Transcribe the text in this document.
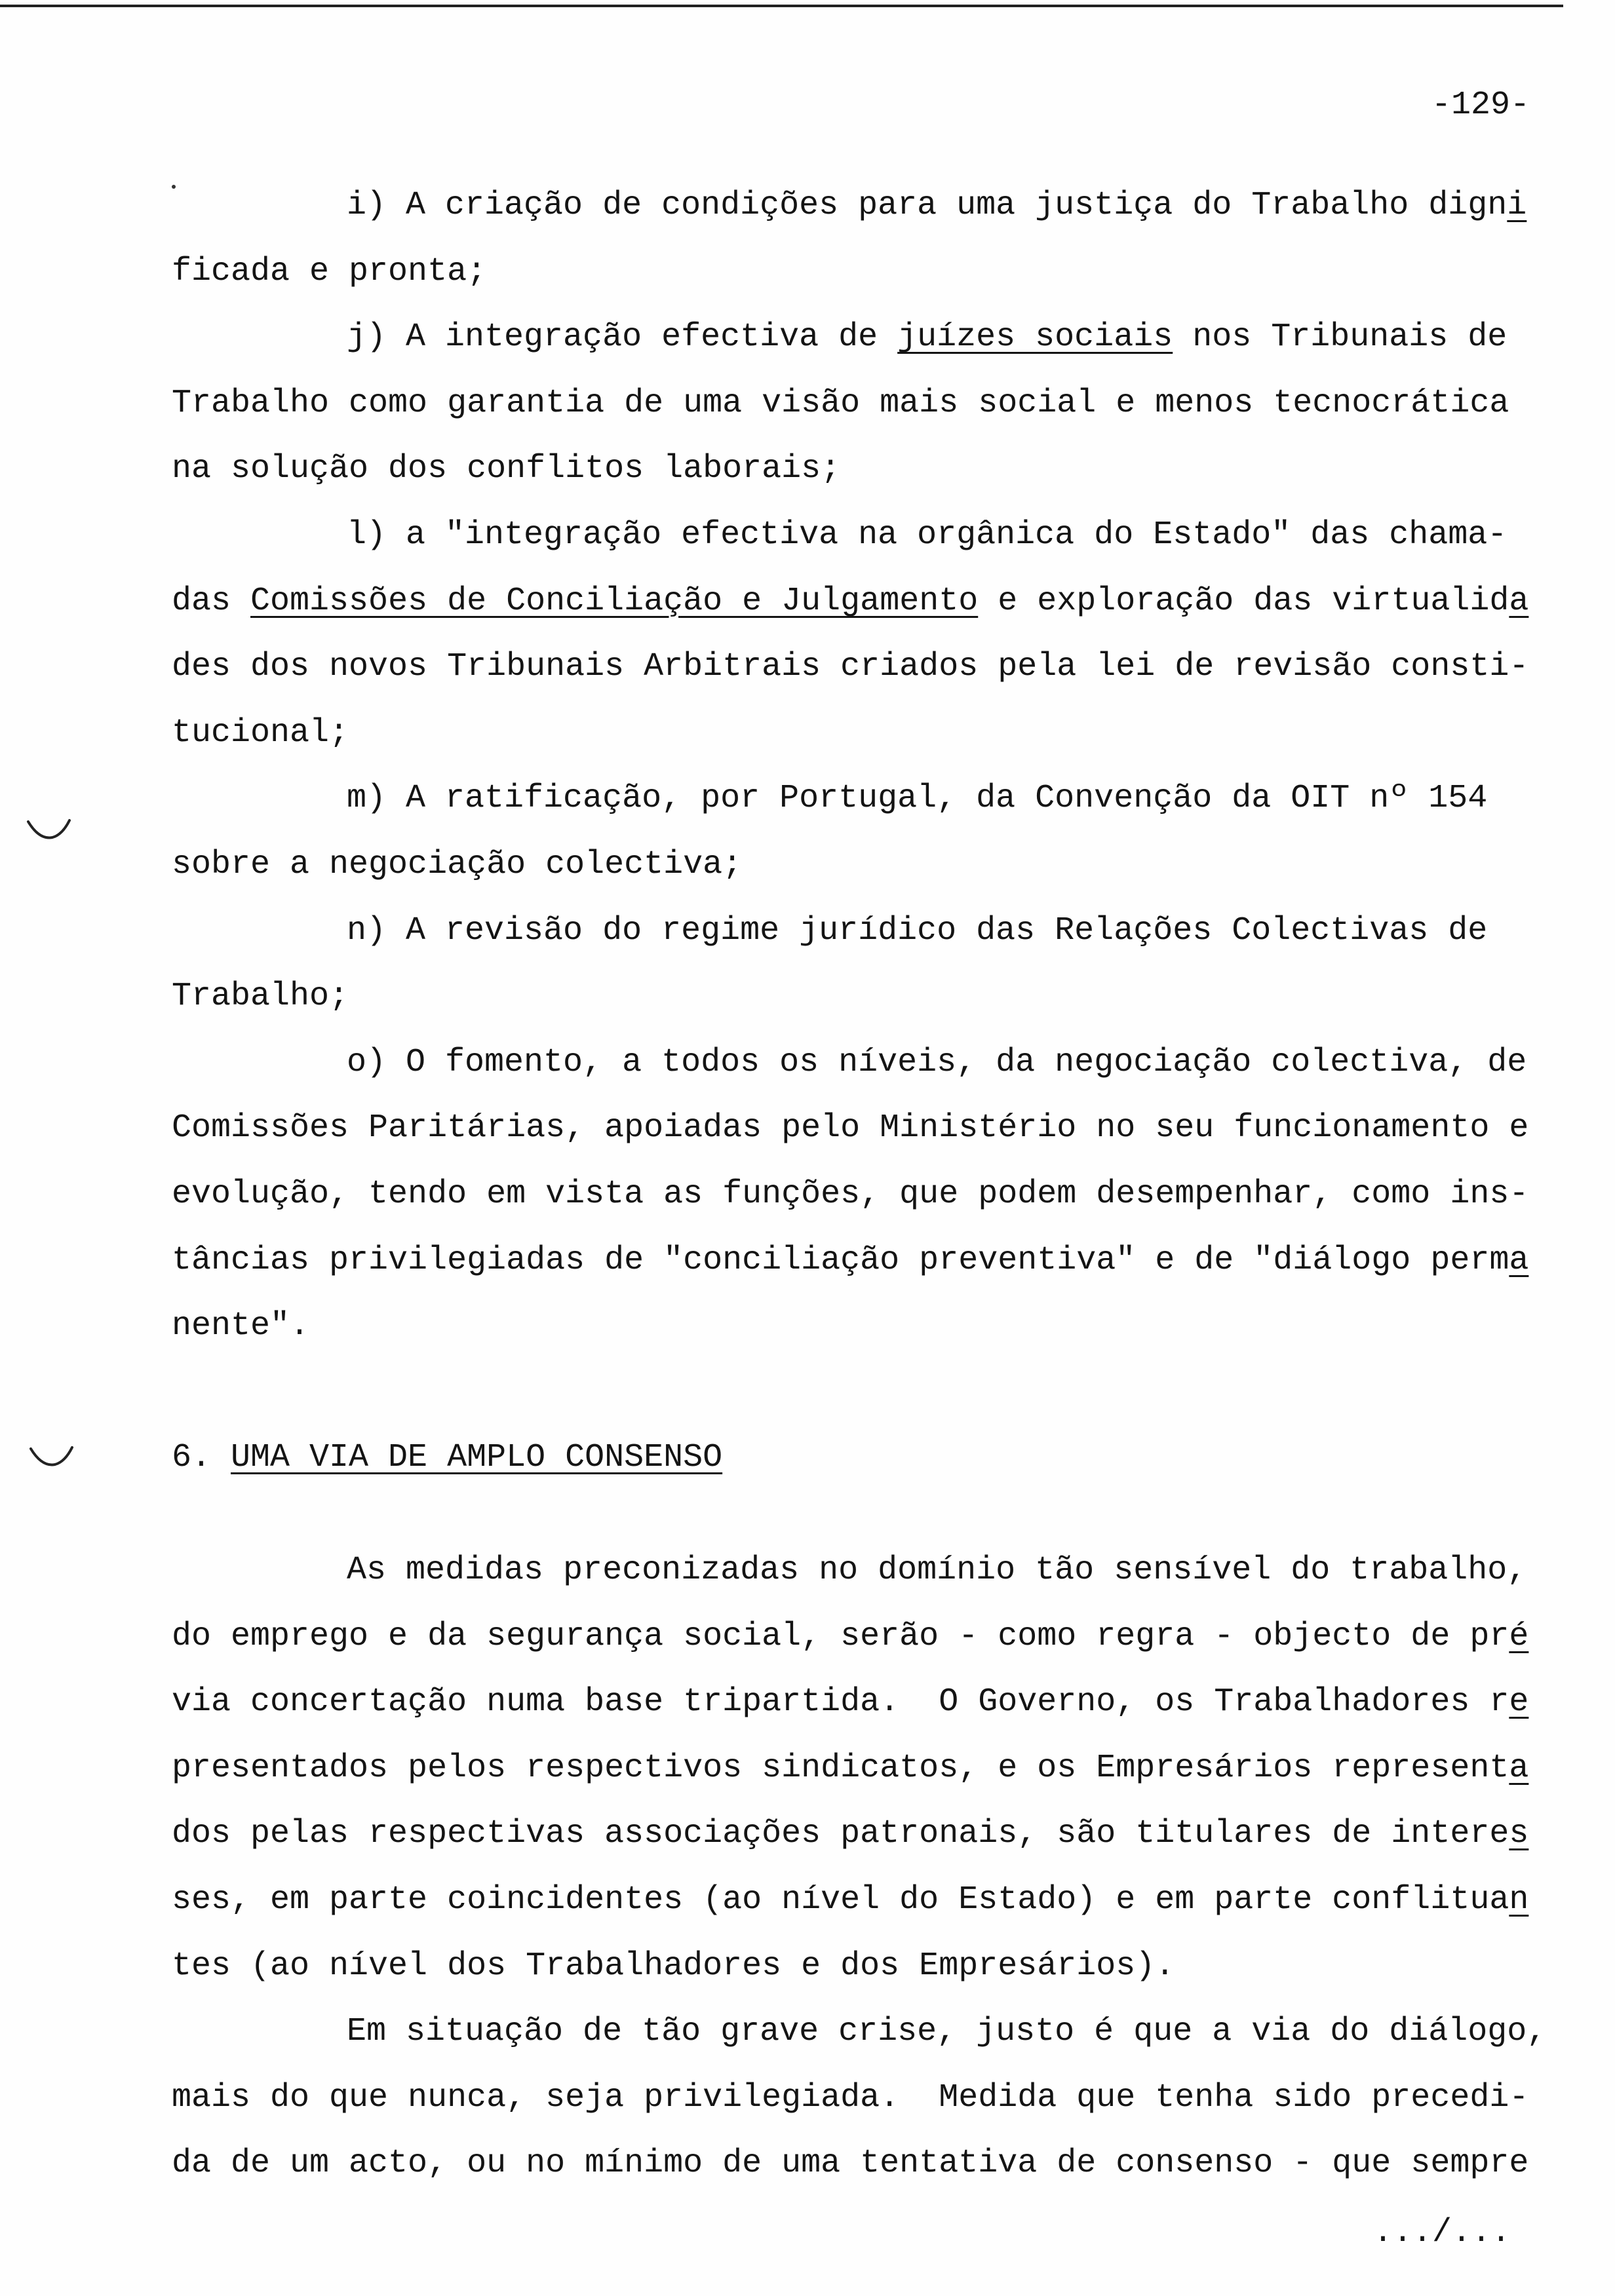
-129-
i) A criação de condições para uma justiça do Trabalho digni
ficada e pronta;
j) A integração efectiva de juízes sociais nos Tribunais de
Trabalho como garantia de uma visão mais social e menos tecnocrática
na solução dos conflitos laborais;
l) a "integração efectiva na orgânica do Estado" das chama-
das Comissões de Conciliação e Julgamento e exploração das virtualida
des dos novos Tribunais Arbitrais criados pela lei de revisão consti-
tucional;
m) A ratificação, por Portugal, da Convenção da OIT nº 154
sobre a negociação colectiva;
n) A revisão do regime jurídico das Relações Colectivas de
Trabalho;
o) O fomento, a todos os níveis, da negociação colectiva, de
Comissões Paritárias, apoiadas pelo Ministério no seu funcionamento e
evolução, tendo em vista as funções, que podem desempenhar, como ins-
tâncias privilegiadas de "conciliação preventiva" e de "diálogo perma
nente".
6. UMA VIA DE AMPLO CONSENSO
As medidas preconizadas no domínio tão sensível do trabalho,
do emprego e da segurança social, serão - como regra - objecto de pré
via concertação numa base tripartida.  O Governo, os Trabalhadores re
presentados pelos respectivos sindicatos, e os Empresários representa
dos pelas respectivas associações patronais, são titulares de interes
ses, em parte coincidentes (ao nível do Estado) e em parte conflituan
tes (ao nível dos Trabalhadores e dos Empresários).
Em situação de tão grave crise, justo é que a via do diálogo,
mais do que nunca, seja privilegiada.  Medida que tenha sido precedi-
da de um acto, ou no mínimo de uma tentativa de consenso - que sempre
.../...
